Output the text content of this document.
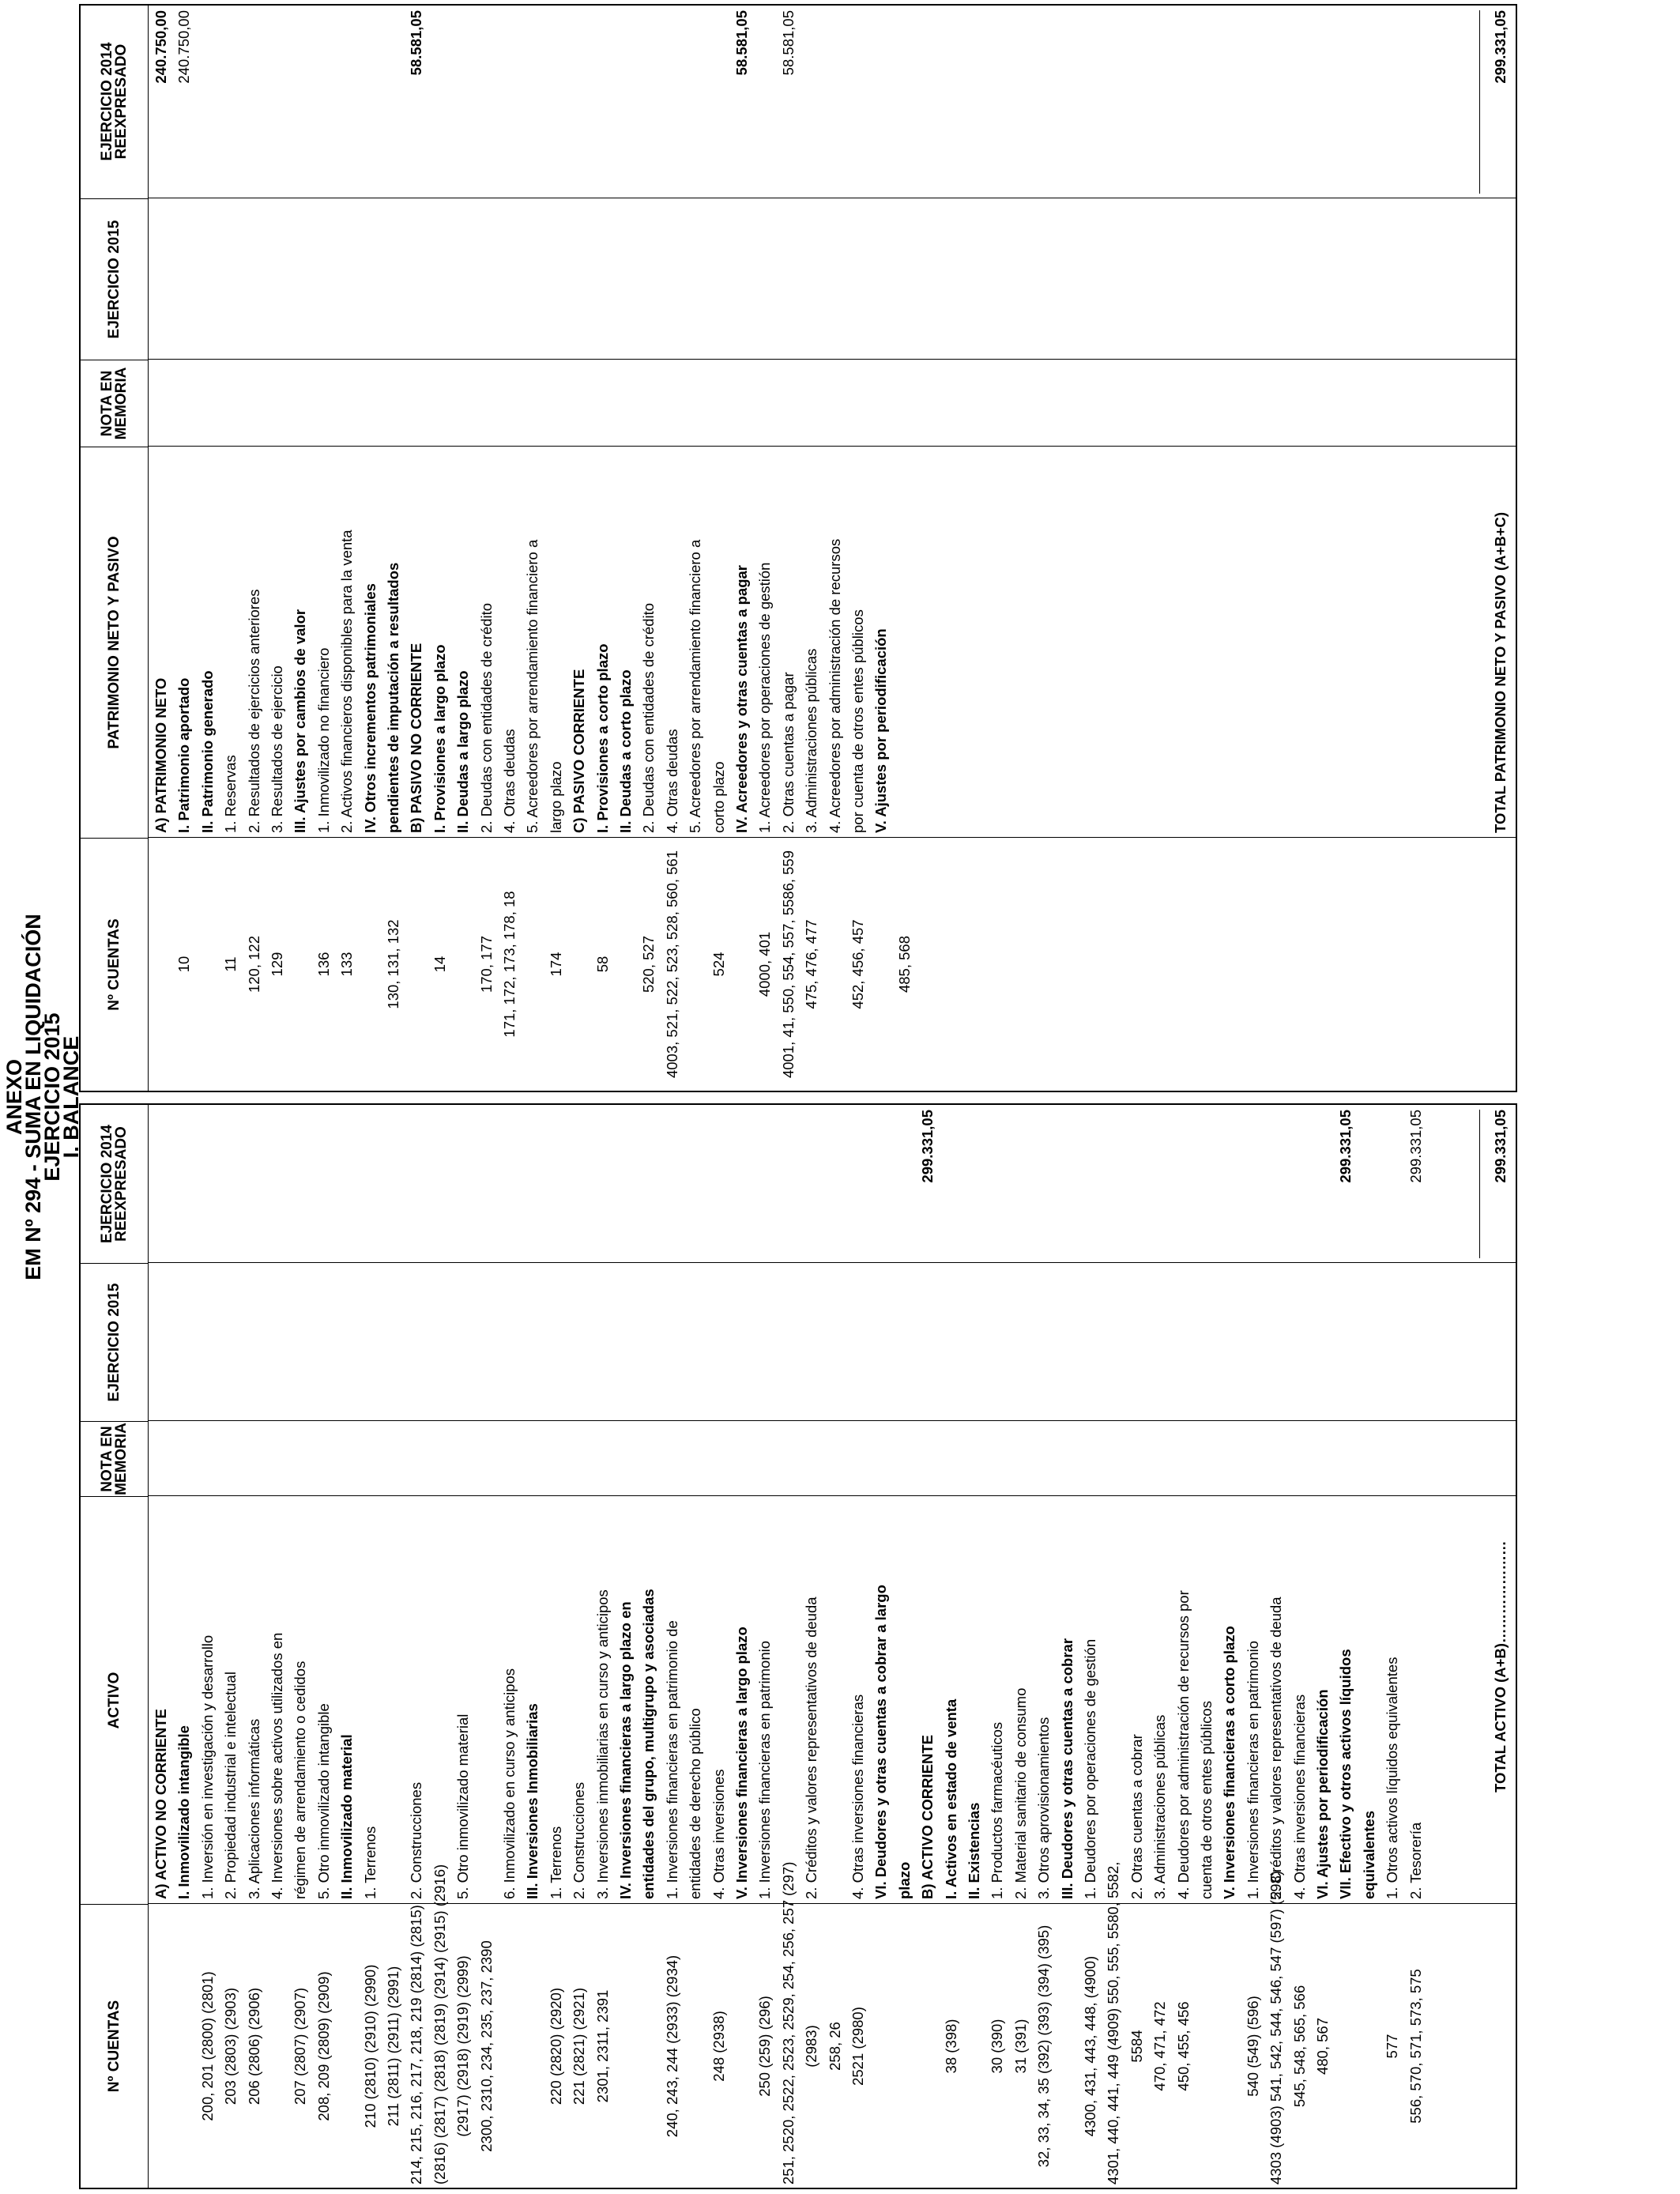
ANEXO
EM Nº 294 - SUMA EN LIQUIDACIÓN
EJERCICIO 2015
I. BALANCE
Nº CUENTAS
ACTIVO
NOTA EN MEMORIA
EJERCICIO 2015
EJERCICIO 2014 REEXPRESADO
A) ACTIVO NO CORRIENTE I. Inmovilizado intangible
200, 201 (2800) (2801)
1. Inversión en investigación y desarrollo
203 (2803) (2903)
2. Propiedad industrial e intelectual
206 (2806) (2906)
3. Aplicaciones informáticas 4. Inversiones sobre activos utilizados en
207 (2807) (2907)
régimen de arrendamiento o cedidos
208, 209 (2809) (2909)
5. Otro inmovilizado intangible II. Inmovilizado material
210 (2810) (2910) (2990)
1. Terrenos
211 (2811) (2911) (2991) 214, 215, 216, 217, 218, 219 (2814) (2815)
2. Construcciones
(2816) (2817) (2818) (2819) (2914) (2915) (2916) (2917) (2918) (2919) (2999)
5. Otro inmovilizado material
2300, 2310, 234, 235, 237, 2390
6. Inmovilizado en curso y anticipos III. Inversiones Inmobiliarias
220 (2820) (2920)
1. Terrenos
221 (2821) (2921)
2. Construcciones
2301, 2311, 2391
3. Inversiones inmobiliarias en curso y anticipos IV. Inversiones financieras a largo plazo en entidades del grupo, multigrupo y asociadas
240, 243, 244 (2933) (2934)
1. Inversiones financieras en patrimonio de entidades de derecho público
248 (2938)
4. Otras inversiones V. Inversiones financieras a largo plazo
250 (259) (296)
1. Inversiones financieras en patrimonio
251, 2520, 2522, 2523, 2529, 254, 256, 257 (297) (2983)
2. Créditos y valores representativos de deuda
258, 26 2521 (2980)
4. Otras inversiones financieras VI. Deudores y otras cuentas a cobrar a largo plazo B) ACTIVO CORRIENTE
299.331,05
38 (398)
I. Activos en estado de venta II. Existencias
30 (390)
1. Productos farmacéuticos
31 (391)
2. Material sanitario de consumo
32, 33, 34, 35 (392) (393) (394) (395)
3. Otros aprovisionamientos III. Deudores y otras cuentas a cobrar
4300, 431, 443, 448, (4900)
1. Deudores por operaciones de gestión
4301, 440, 441, 449 (4909) 550, 555, 5580, 5582, 5584
2. Otras cuentas a cobrar
470, 471, 472
3. Administraciones públicas
450, 455, 456
4. Deudores por administración de recursos por cuenta de otros entes públicos V. Inversiones financieras a corto plazo
540 (549) (596)
1. Inversiones financieras en patrimonio
4303 (4903) 541, 542, 544, 546, 547 (597) (598)
2. Créditos y valores representativos de deuda
545, 548, 565, 566
4. Otras inversiones financieras
480, 567
VI. Ajustes por periodificación VII. Efectivo y otros activos líquidos
299.331,05
equivalentes
577
1. Otros activos líquidos equivalentes
556, 570, 571, 573, 575
2. Tesorería
299.331,05
TOTAL ACTIVO (A+B)…………………
299.331,05
Nº CUENTAS
PATRIMONIO NETO Y PASIVO
NOTA EN MEMORIA
EJERCICIO 2015
EJERCICIO 2014 REEXPRESADO
A) PATRIMONIO NETO
240.750,00
10
I. Patrimonio aportado
240.750,00
II. Patrimonio generado
11
1. Reservas
120, 122
2. Resultados de ejercicios anteriores
129
3. Resultados de ejercicio III. Ajustes por cambios de valor
136
1. Inmovilizado no financiero
133
2. Activos financieros disponibles para la venta IV. Otros incrementos patrimoniales
130, 131, 132
pendientes de imputación a resultados B) PASIVO NO CORRIENTE
58.581,05
14
I. Provisiones a largo plazo II. Deudas a largo plazo
170, 177
2. Deudas con entidades de crédito
171, 172, 173, 178, 18
4. Otras deudas 5. Acreedores por arrendamiento financiero a
174
largo plazo C) PASIVO CORRIENTE
58
I. Provisiones a corto plazo II. Deudas a corto plazo
520, 527
2. Deudas con entidades de crédito
4003, 521, 522, 523, 528, 560, 561
4. Otras deudas 5. Acreedores por arrendamiento financiero a
524
corto plazo IV. Acreedores y otras cuentas a pagar
58.581,05
4000, 401
1. Acreedores por operaciones de gestión
4001, 41, 550, 554, 557, 5586, 559
2. Otras cuentas a pagar
58.581,05
475, 476, 477
3. Administraciones públicas 4. Acreedores por administración de recursos
452, 456, 457
por cuenta de otros entes públicos V. Ajustes por periodificación
485, 568
TOTAL PATRIMONIO NETO Y PASIVO (A+B+C)
299.331,05
